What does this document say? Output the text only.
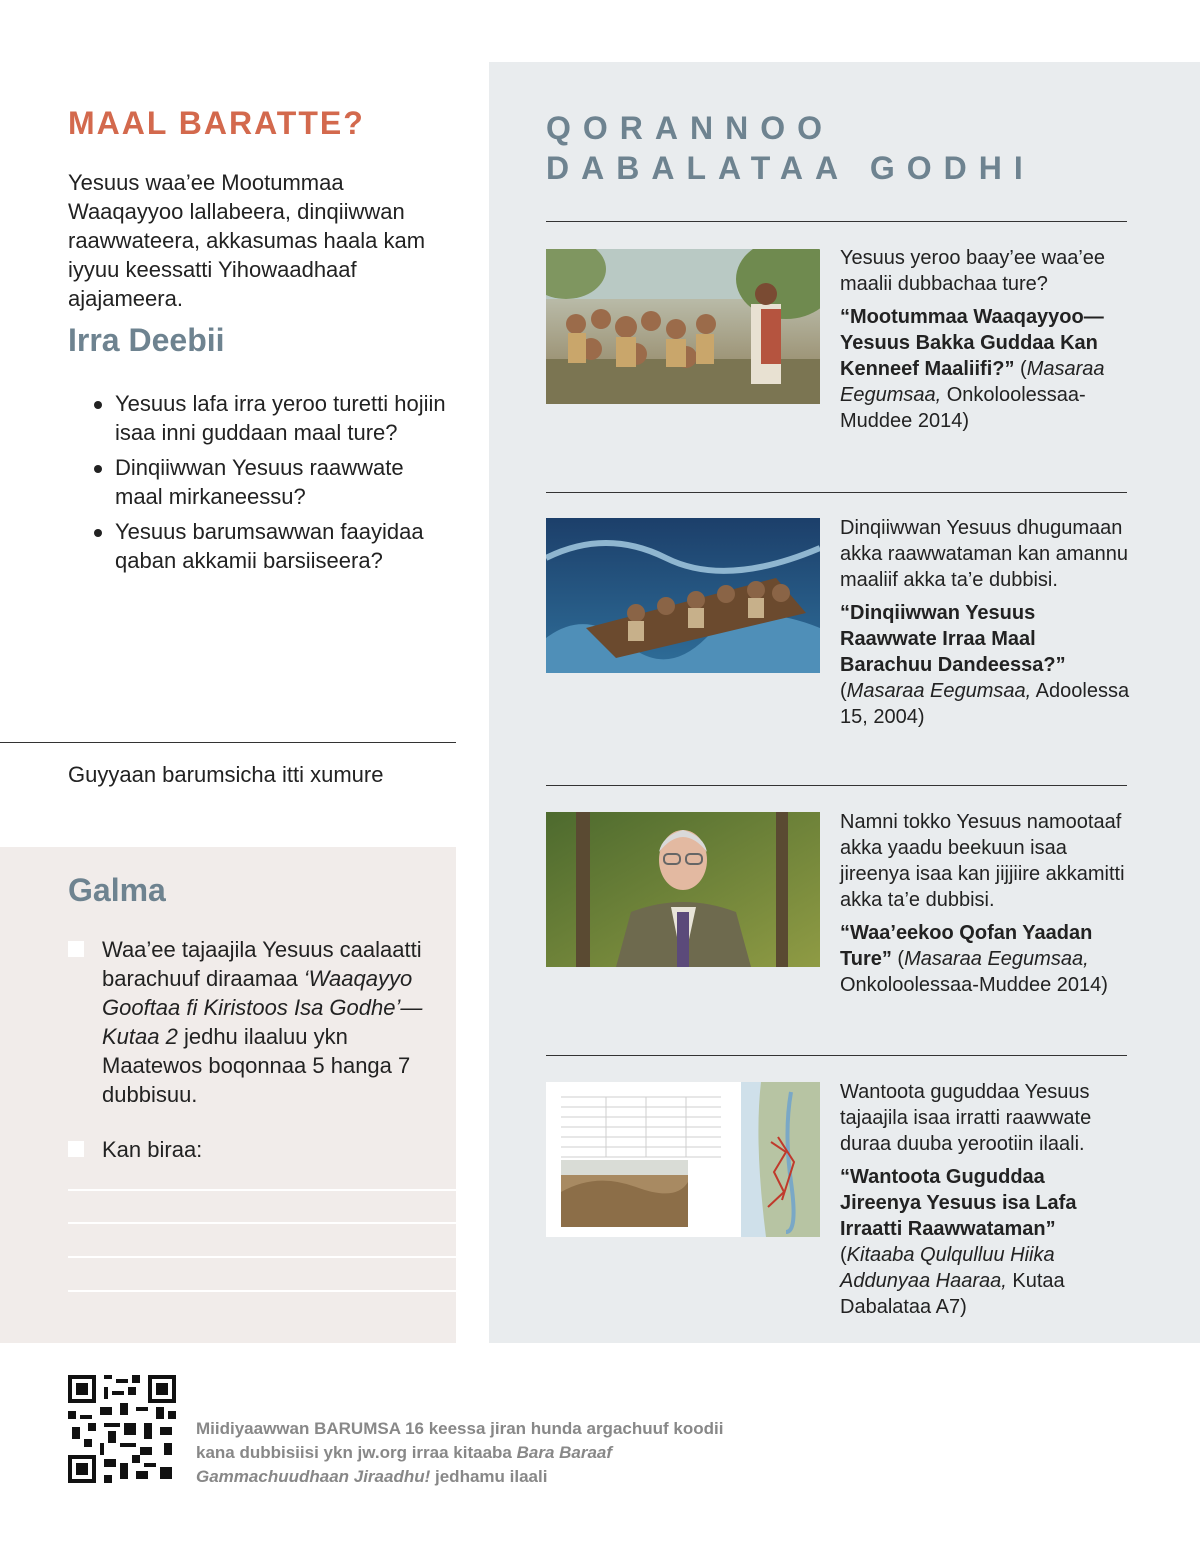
MAAL BARATTE?

Yesuus waa’ee Mootummaa Waaqayyoo lallabeera, dinqiiwwan raawwateera, akkasumas haala kam iyyuu keessatti Yihowaadhaaf ajajameera.

Irra Deebii
Yesuus lafa irra yeroo turetti hojiin isaa inni guddaan maal ture?
Dinqiiwwan Yesuus raawwate maal mirkaneessu?
Yesuus barumsawwan faayidaa qaban akkamii barsiiseera?
Guyyaan barumsicha itti xumure
Galma
Waa’ee tajaajila Yesuus caalaatti barachuuf diraamaa ‘Waaqayyo Gooftaa fi Kiristoos Isa Godhe’—Kutaa 2 jedhu ilaaluu ykn Maatewos boqonnaa 5 hanga 7 dubbisuu.
Kan biraa:
QORANNOO
DABALATAA GODHI
Yesuus yeroo baay’ee waa’ee maalii dubbachaa ture?
“Mootummaa Waaqayyoo—Yesuus Bakka Guddaa Kan Kenneef Maaliifi?” (Masaraa Eegumsaa, Onkoloolessaa-Muddee 2014)
Dinqiiwwan Yesuus dhugumaan akka raawwataman kan amannu maaliif akka ta’e dubbisi.
“Dinqiiwwan Yesuus Raawwate Irraa Maal Barachuu Dandeessa?” (Masaraa Eegumsaa, Adoolessa 15, 2004)
Namni tokko Yesuus namootaaf akka yaadu beekuun isaa jireenya isaa kan jijjiire akkamitti akka ta’e dubbisi.
“Waa’eekoo Qofan Yaadan Ture” (Masaraa Eegumsaa, Onkoloolessaa-Muddee 2014)
Wantoota guguddaa Yesuus tajaajila isaa irratti raawwate duraa duuba yerootiin ilaali.
“Wantoota Guguddaa Jireenya Yesuus isa Lafa Irraatti Raawwataman” (Kitaaba Qulqulluu Hiika Addunyaa Haaraa, Kutaa Dabalataa A7)
Miidiyaawwan BARUMSA 16 keessa jiran hunda argachuuf koodii kana dubbisiisi ykn jw.org irraa kitaaba Bara Baraaf Gammachuudhaan Jiraadhu! jedhamu ilaali
